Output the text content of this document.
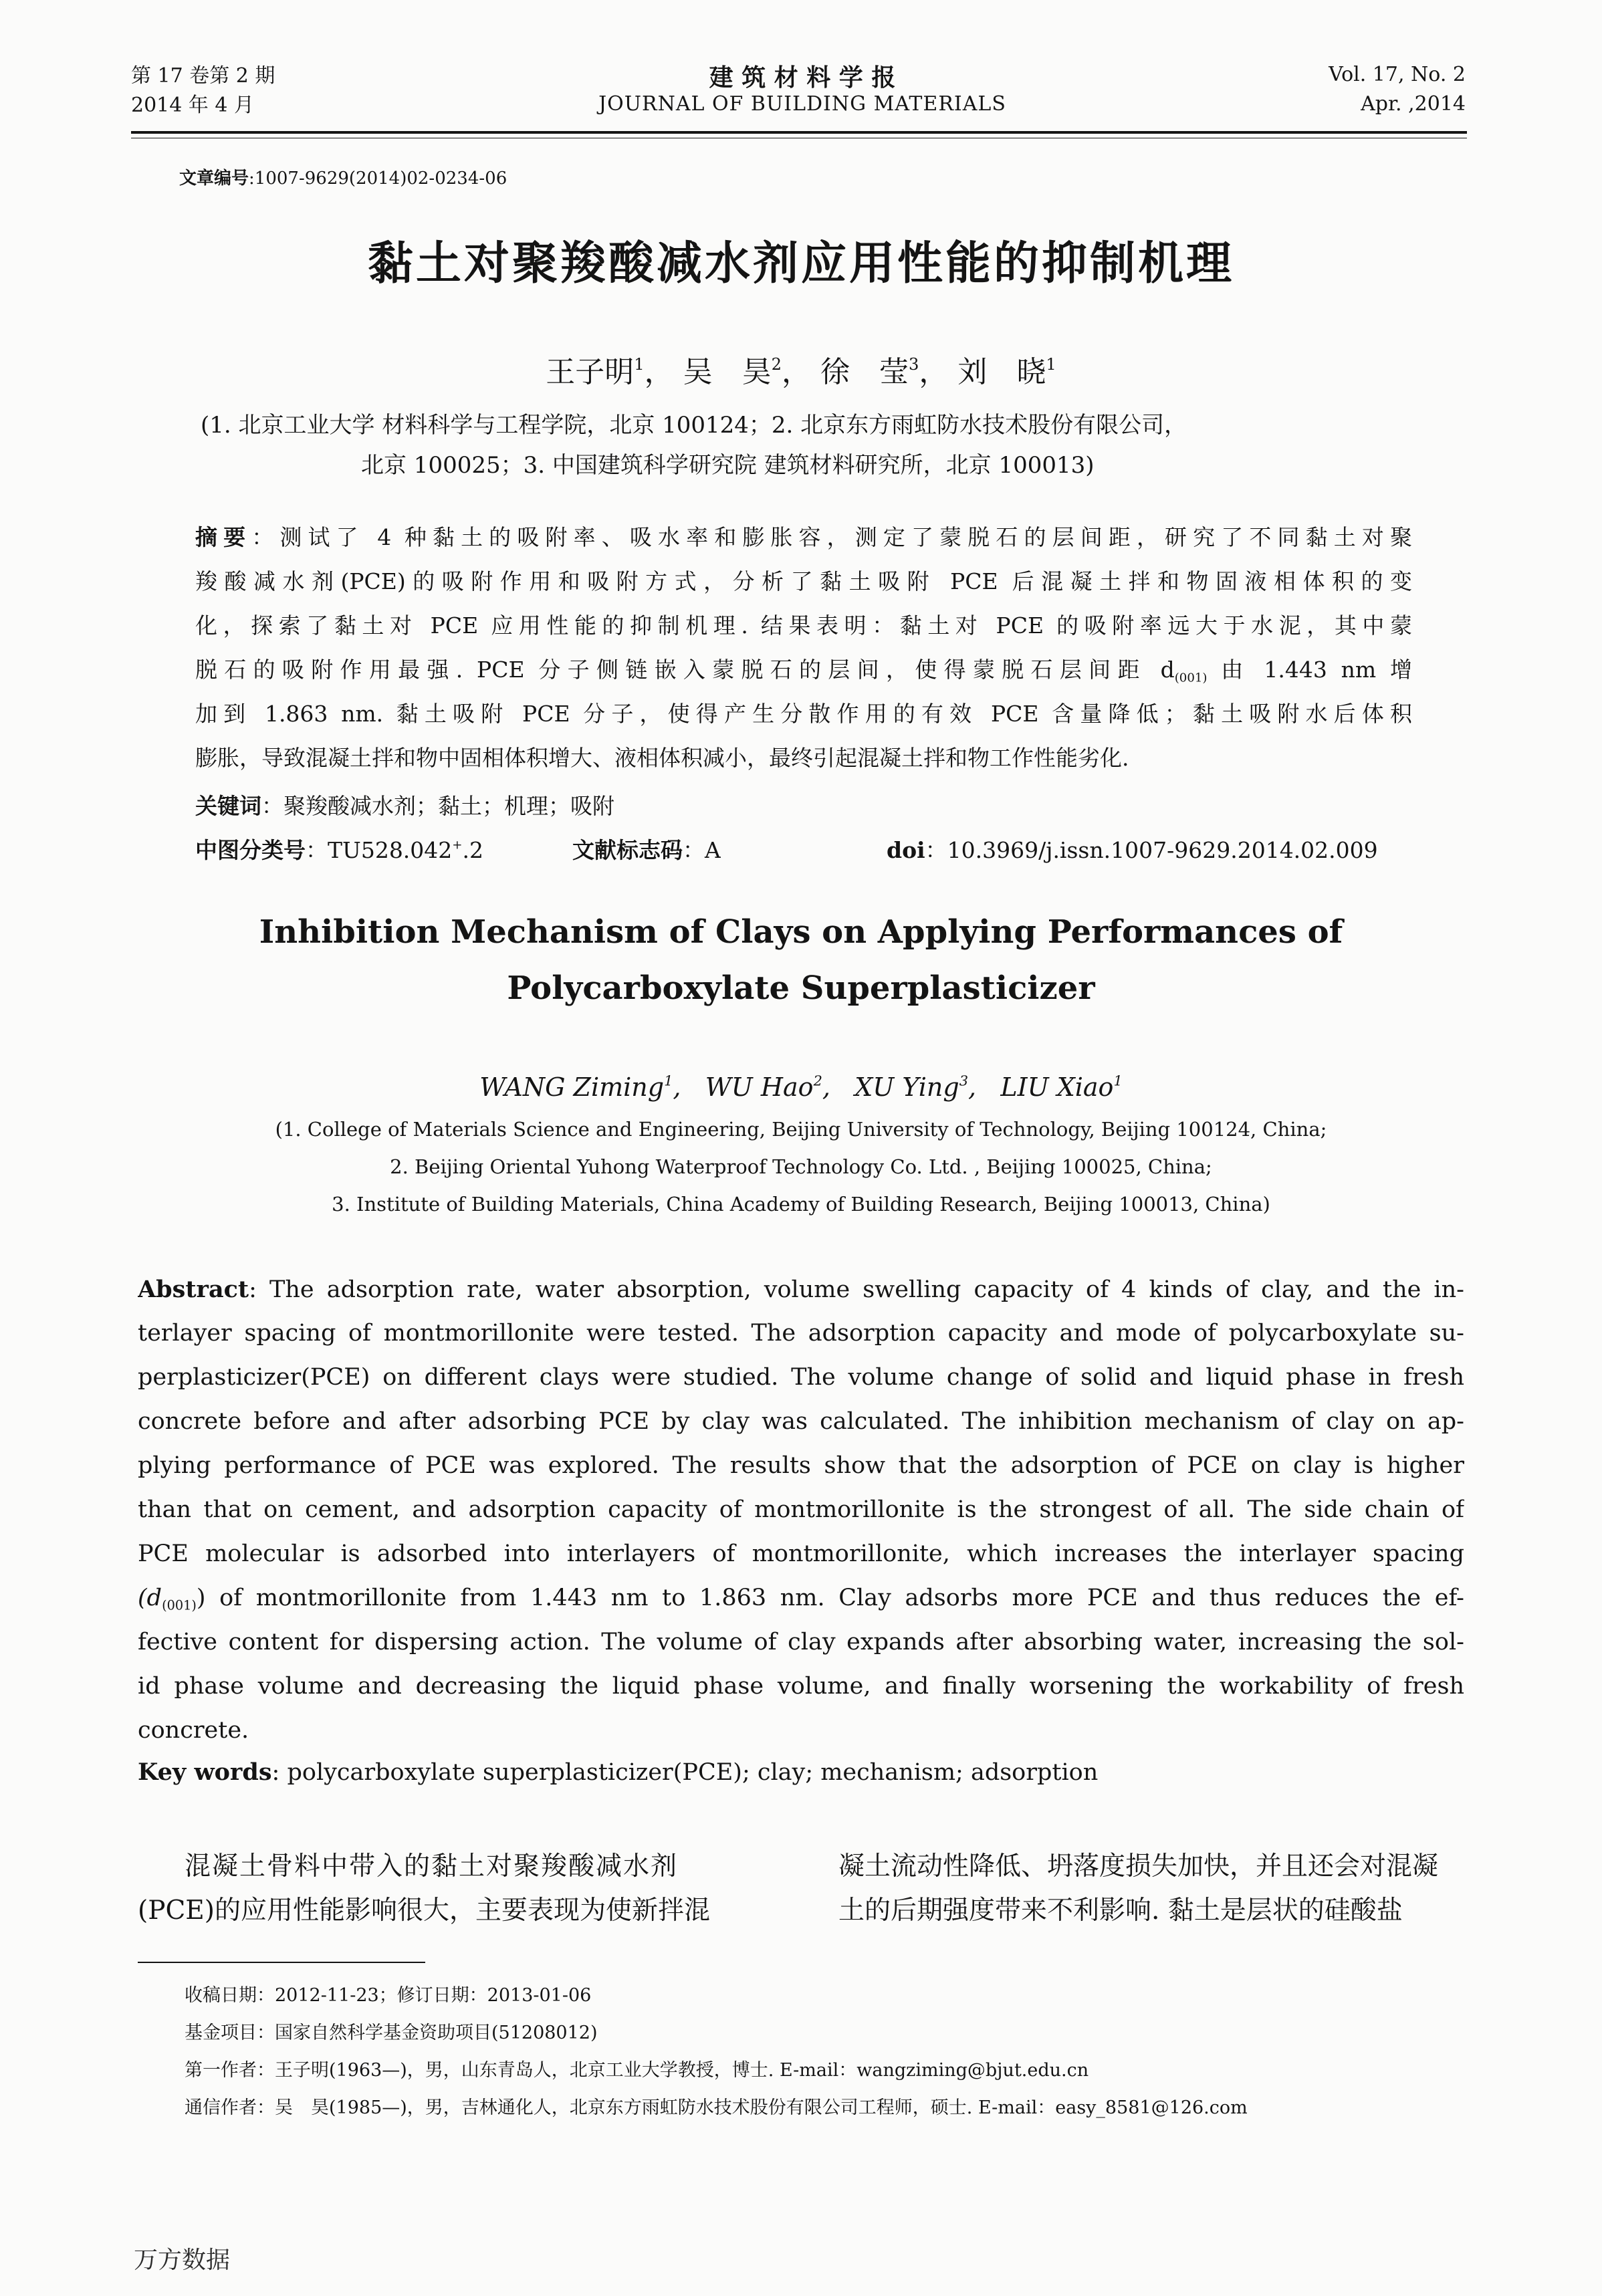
第 17 卷第 2 期
2014 年 4 月
建 筑 材 料 学 报
JOURNAL OF BUILDING MATERIALS
Vol. 17, No. 2
Apr. ,2014
文章编号:1007-9629(2014)02-0234-06
黏土对聚羧酸减水剂应用性能的抑制机理
王子明$^1$， 吴　昊$^2$， 徐　莹$^3$， 刘　晓$^1$
(1. 北京工业大学 材料科学与工程学院，北京 100124；2. 北京东方雨虹防水技术股份有限公司，
北京 100025；3. 中国建筑科学研究院 建筑材料研究所，北京 100013)
摘要：测试了 4 种黏土的吸附率、吸水率和膨胀容，测定了蒙脱石的层间距，研究了不同黏土对聚
羧酸减水剂(PCE)的吸附作用和吸附方式，分析了黏土吸附 PCE 后混凝土拌和物固液相体积的变
化，探索了黏土对 PCE 应用性能的抑制机理. 结果表明：黏土对 PCE 的吸附率远大于水泥，其中蒙
脱石的吸附作用最强. PCE 分子侧链嵌入蒙脱石的层间，使得蒙脱石层间距 $d_{(001)}$ 由 1.443 nm 增
加到 1.863 nm. 黏土吸附 PCE 分子，使得产生分散作用的有效 PCE 含量降低；黏土吸附水后体积
膨胀，导致混凝土拌和物中固相体积增大、液相体积减小，最终引起混凝土拌和物工作性能劣化.
关键词：聚羧酸减水剂；黏土；机理；吸附
中图分类号：TU528.042+.2	文献标志码：A	doi：10.3969/j.issn.1007-9629.2014.02.009
Inhibition Mechanism of Clays on Applying Performances of
Polycarboxylate Superplasticizer
WANG Ziming$^1$,   WU Hao$^2$,   XU Ying$^3$,   LIU Xiao$^1$
(1. College of Materials Science and Engineering, Beijing University of Technology, Beijing 100124, China;
2. Beijing Oriental Yuhong Waterproof Technology Co. Ltd. , Beijing 100025, China;
3. Institute of Building Materials, China Academy of Building Research, Beijing 100013, China)
Abstract: The adsorption rate, water absorption, volume swelling capacity of 4 kinds of clay, and the in-
terlayer spacing of montmorillonite were tested. The adsorption capacity and mode of polycarboxylate su-
perplasticizer(PCE) on different clays were studied. The volume change of solid and liquid phase in fresh
concrete before and after adsorbing PCE by clay was calculated. The inhibition mechanism of clay on ap-
plying performance of PCE was explored. The results show that the adsorption of PCE on clay is higher
than that on cement, and adsorption capacity of montmorillonite is the strongest of all. The side chain of
PCE molecular is adsorbed into interlayers of montmorillonite, which increases the interlayer spacing
$(d_{(001)})$ of montmorillonite from 1.443 nm to 1.863 nm. Clay adsorbs more PCE and thus reduces the ef-
fective content for dispersing action. The volume of clay expands after absorbing water, increasing the sol-
id phase volume and decreasing the liquid phase volume, and finally worsening the workability of fresh
concrete.
Key words: polycarboxylate superplasticizer(PCE); clay; mechanism; adsorption
混凝土骨料中带入的黏土对聚羧酸减水剂
(PCE)的应用性能影响很大，主要表现为使新拌混
凝土流动性降低、坍落度损失加快，并且还会对混凝
土的后期强度带来不利影响. 黏土是层状的硅酸盐
收稿日期：2012-11-23；修订日期：2013-01-06
基金项目：国家自然科学基金资助项目(51208012)
第一作者：王子明(1963—)，男，山东青岛人，北京工业大学教授，博士. E-mail：wangziming@bjut.edu.cn
通信作者：吴　昊(1985—)，男，吉林通化人，北京东方雨虹防水技术股份有限公司工程师，硕士. E-mail：easy_8581@126.com
万方数据
